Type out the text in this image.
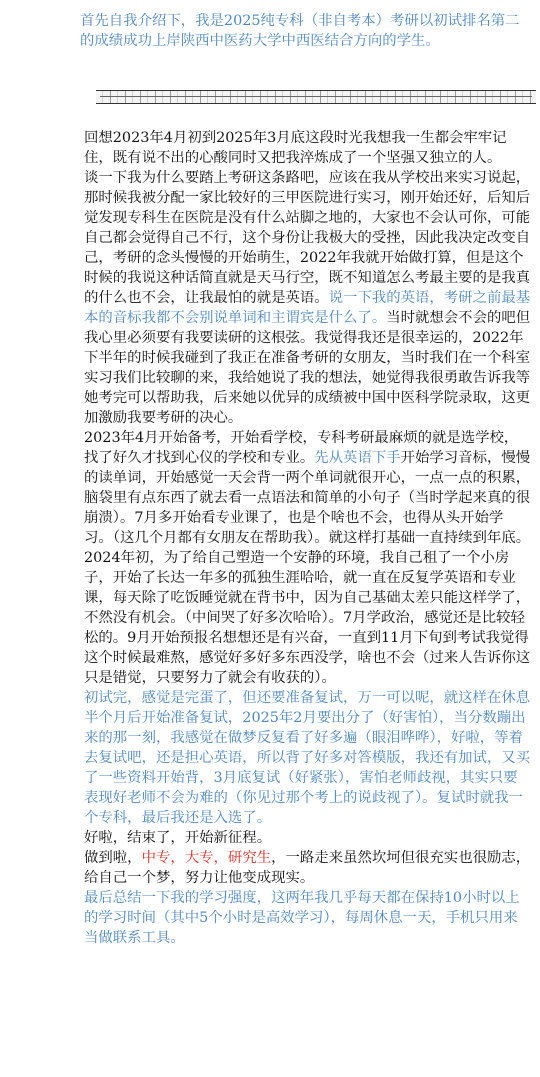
首先自我介绍下，我是2025纯专科（非自考本）考研以初试排名第二的成绩成功上岸陕西中医药大学中西医结合方向的学生。

回想2023年4月初到2025年3月底这段时光我想我一生都会牢牢记住，既有说不出的心酸同时又把我淬炼成了一个坚强又独立的人。

谈一下我为什么要踏上考研这条路吧，应该在我从学校出来实习说起，那时候我被分配一家比较好的三甲医院进行实习，刚开始还好，后知后觉发现专科生在医院是没有什么站脚之地的，大家也不会认可你，可能自己都会觉得自己不行，这个身份让我极大的受挫，因此我决定改变自己，考研的念头慢慢的开始萌生，2022年我就开始做打算，但是这个时候的我说这种话简直就是天马行空，既不知道怎么考最主要的是我真的什么也不会，让我最怕的就是英语。说一下我的英语，考研之前最基本的音标我都不会别说单词和主谓宾是什么了。当时就想会不会的吧但我心里必须要有我要读研的这根弦。我觉得我还是很幸运的，2022年下半年的时候我碰到了我正在准备考研的女朋友，当时我们在一个科室实习我们比较聊的来，我给她说了我的想法，她觉得我很勇敢告诉我等她考完可以帮助我，后来她以优异的成绩被中国中医科学院录取，这更加激励我要考研的决心。

2023年4月开始备考，开始看学校，专科考研最麻烦的就是选学校，找了好久才找到心仪的学校和专业。先从英语下手开始学习音标，慢慢的读单词，开始感觉一天会背一两个单词就很开心，一点一点的积累，脑袋里有点东西了就去看一点语法和简单的小句子（当时学起来真的很崩溃）。7月多开始看专业课了，也是个啥也不会，也得从头开始学习。（这几个月都有女朋友在帮助我）。就这样打基础一直持续到年底。

2024年初，为了给自己塑造一个安静的环境，我自己租了一个小房子，开始了长达一年多的孤独生涯哈哈，就一直在反复学英语和专业课，每天除了吃饭睡觉就在背书中，因为自己基础太差只能这样学了，不然没有机会。（中间哭了好多次哈哈）。7月学政治，感觉还是比较轻松的。9月开始预报名想想还是有兴奋，一直到11月下旬到考试我觉得这个时候最难熬，感觉好多好多东西没学，啥也不会（过来人告诉你这只是错觉，只要努力了就会有收获的）。

初试完，感觉是完蛋了，但还要准备复试，万一可以呢，就这样在休息半个月后开始准备复试，2025年2月要出分了（好害怕），当分数蹦出来的那一刻，我感觉在做梦反复看了好多遍（眼泪哗哗），好啦，等着去复试吧，还是担心英语，所以背了好多对答模版，我还有加试，又买了一些资料开始背，3月底复试（好紧张），害怕老师歧视，其实只要表现好老师不会为难的（你见过那个考上的说歧视了）。复试时就我一个专科，最后我还是入选了。

好啦，结束了，开始新征程。

做到啦，中专，大专，研究生，一路走来虽然坎坷但很充实也很励志，给自己一个梦，努力让他变成现实。

最后总结一下我的学习强度，这两年我几乎每天都在保持10小时以上的学习时间（其中5个小时是高效学习），每周休息一天，手机只用来当做联系工具。
